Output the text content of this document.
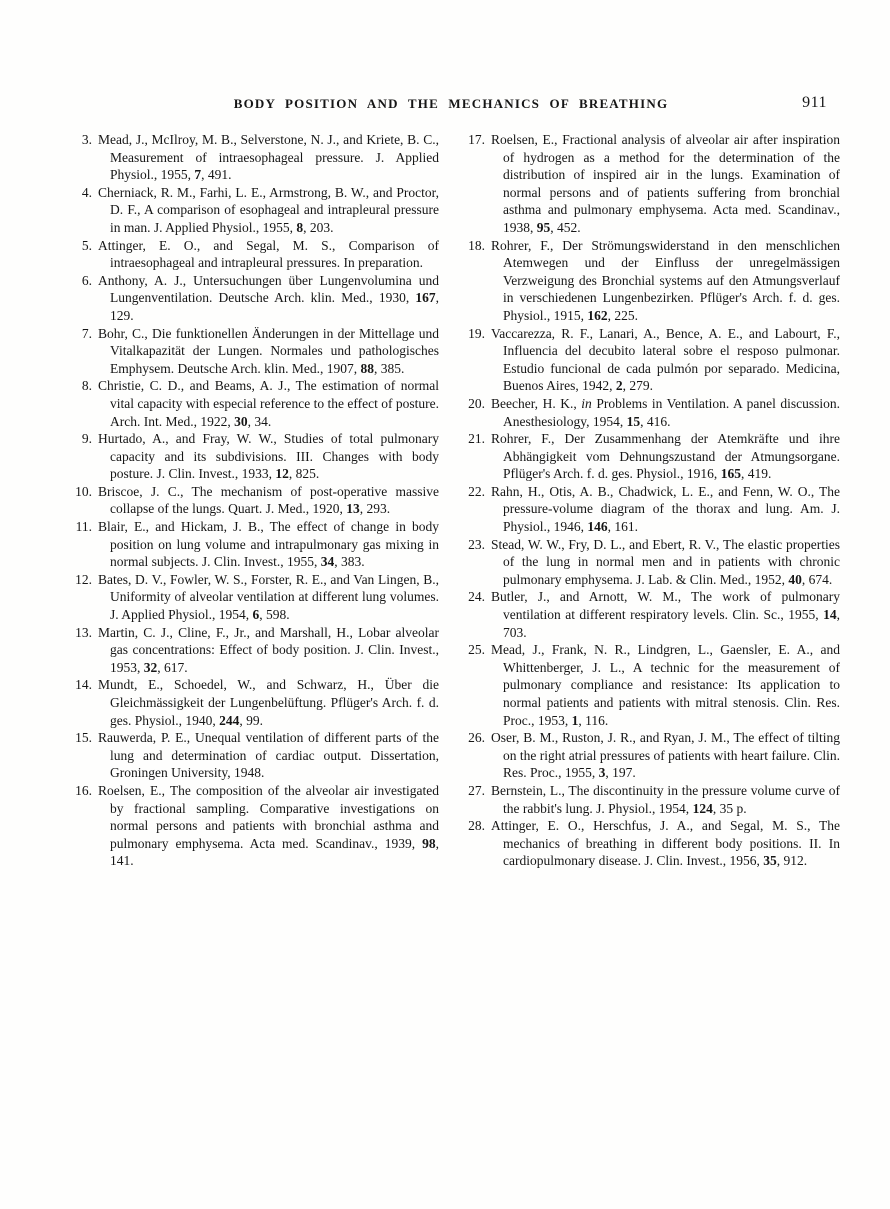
BODY POSITION AND THE MECHANICS OF BREATHING	911

3. Mead, J., McIlroy, M. B., Selverstone, N. J., and Kriete, B. C., Measurement of intraesophageal pressure. J. Applied Physiol., 1955, 7, 491.

4. Cherniack, R. M., Farhi, L. E., Armstrong, B. W., and Proctor, D. F., A comparison of esophageal and intrapleural pressure in man. J. Applied Physiol., 1955, 8, 203.

5. Attinger, E. O., and Segal, M. S., Comparison of intraesophageal and intrapleural pressures. In preparation.

6. Anthony, A. J., Untersuchungen über Lungenvolumina und Lungenventilation. Deutsche Arch. klin. Med., 1930, 167, 129.

7. Bohr, C., Die funktionellen Änderungen in der Mittellage und Vitalkapazität der Lungen. Normales und pathologisches Emphysem. Deutsche Arch. klin. Med., 1907, 88, 385.

8. Christie, C. D., and Beams, A. J., The estimation of normal vital capacity with especial reference to the effect of posture. Arch. Int. Med., 1922, 30, 34.

9. Hurtado, A., and Fray, W. W., Studies of total pulmonary capacity and its subdivisions. III. Changes with body posture. J. Clin. Invest., 1933, 12, 825.

10. Briscoe, J. C., The mechanism of post-operative massive collapse of the lungs. Quart. J. Med., 1920, 13, 293.

11. Blair, E., and Hickam, J. B., The effect of change in body position on lung volume and intrapulmonary gas mixing in normal subjects. J. Clin. Invest., 1955, 34, 383.

12. Bates, D. V., Fowler, W. S., Forster, R. E., and Van Lingen, B., Uniformity of alveolar ventilation at different lung volumes. J. Applied Physiol., 1954, 6, 598.

13. Martin, C. J., Cline, F., Jr., and Marshall, H., Lobar alveolar gas concentrations: Effect of body position. J. Clin. Invest., 1953, 32, 617.

14. Mundt, E., Schoedel, W., and Schwarz, H., Über die Gleichmässigkeit der Lungenbelüftung. Pflüger's Arch. f. d. ges. Physiol., 1940, 244, 99.

15. Rauwerda, P. E., Unequal ventilation of different parts of the lung and determination of cardiac output. Dissertation, Groningen University, 1948.

16. Roelsen, E., The composition of the alveolar air investigated by fractional sampling. Comparative investigations on normal persons and patients with bronchial asthma and pulmonary emphysema. Acta med. Scandinav., 1939, 98, 141.

17. Roelsen, E., Fractional analysis of alveolar air after inspiration of hydrogen as a method for the determination of the distribution of inspired air in the lungs. Examination of normal persons and of patients suffering from bronchial asthma and pulmonary emphysema. Acta med. Scandinav., 1938, 95, 452.

18. Rohrer, F., Der Strömungswiderstand in den menschlichen Atemwegen und der Einfluss der unregelmässigen Verzweigung des Bronchial systems auf den Atmungsverlauf in verschiedenen Lungenbezirken. Pflüger's Arch. f. d. ges. Physiol., 1915, 162, 225.

19. Vaccarezza, R. F., Lanari, A., Bence, A. E., and Labourt, F., Influencia del decubito lateral sobre el resposo pulmonar. Estudio funcional de cada pulmón por separado. Medicina, Buenos Aires, 1942, 2, 279.

20. Beecher, H. K., in Problems in Ventilation. A panel discussion. Anesthesiology, 1954, 15, 416.

21. Rohrer, F., Der Zusammenhang der Atemkräfte und ihre Abhängigkeit vom Dehnungszustand der Atmungsorgane. Pflüger's Arch. f. d. ges. Physiol., 1916, 165, 419.

22. Rahn, H., Otis, A. B., Chadwick, L. E., and Fenn, W. O., The pressure-volume diagram of the thorax and lung. Am. J. Physiol., 1946, 146, 161.

23. Stead, W. W., Fry, D. L., and Ebert, R. V., The elastic properties of the lung in normal men and in patients with chronic pulmonary emphysema. J. Lab. & Clin. Med., 1952, 40, 674.

24. Butler, J., and Arnott, W. M., The work of pulmonary ventilation at different respiratory levels. Clin. Sc., 1955, 14, 703.

25. Mead, J., Frank, N. R., Lindgren, L., Gaensler, E. A., and Whittenberger, J. L., A technic for the measurement of pulmonary compliance and resistance: Its application to normal patients and patients with mitral stenosis. Clin. Res. Proc., 1953, 1, 116.

26. Oser, B. M., Ruston, J. R., and Ryan, J. M., The effect of tilting on the right atrial pressures of patients with heart failure. Clin. Res. Proc., 1955, 3, 197.

27. Bernstein, L., The discontinuity in the pressure volume curve of the rabbit's lung. J. Physiol., 1954, 124, 35 p.

28. Attinger, E. O., Herschfus, J. A., and Segal, M. S., The mechanics of breathing in different body positions. II. In cardiopulmonary disease. J. Clin. Invest., 1956, 35, 912.
